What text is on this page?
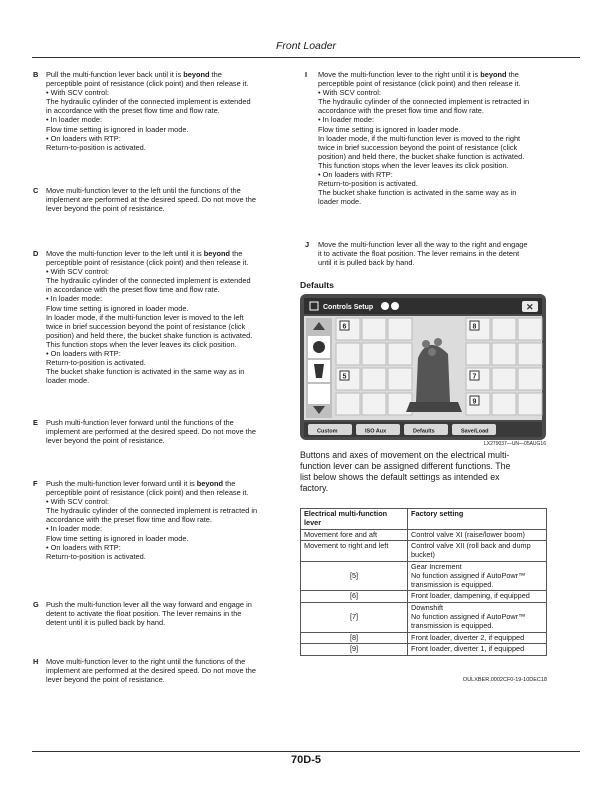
Front Loader
B Pull the multi-function lever back until it is beyond the
perceptible point of resistance (click point) and then release it.
• With SCV control:
The hydraulic cylinder of the connected implement is extended
in accordance with the preset flow time and flow rate.
• In loader mode:
Flow time setting is ignored in loader mode.
• On loaders with RTP:
Return-to-position is activated.
C Move multi-function lever to the left until the functions of the
implement are performed at the desired speed. Do not move the
lever beyond the point of resistance.
D Move the multi-function lever to the left until it is beyond the
perceptible point of resistance (click point) and then release it.
• With SCV control:
The hydraulic cylinder of the connected implement is extended
in accordance with the preset flow time and flow rate.
• In loader mode:
Flow time setting is ignored in loader mode.
In loader mode, if the multi-function lever is moved to the left
twice in brief succession beyond the point of resistance (click
position) and held there, the bucket shake function is activated.
This function stops when the lever leaves its click position.
• On loaders with RTP:
Return-to-position is activated.
The bucket shake function is activated in the same way as in
loader mode.
E Push multi-function lever forward until the functions of the
implement are performed at the desired speed. Do not move the
lever beyond the point of resistance.
F Push the multi-function lever forward until it is beyond the
perceptible point of resistance (click point) and then release it.
• With SCV control:
The hydraulic cylinder of the connected implement is retracted in
accordance with the preset flow time and flow rate.
• In loader mode:
Flow time setting is ignored in loader mode.
• On loaders with RTP:
Return-to-position is activated.
G Push the multi-function lever all the way forward and engage in
detent to activate the float position. The lever remains in the
detent until it is pulled back by hand.
H Move multi-function lever to the right until the functions of the
implement are performed at the desired speed. Do not move the
lever beyond the point of resistance.
I Move the multi-function lever to the right until it is beyond the
perceptible point of resistance (click point) and then release it.
• With SCV control:
The hydraulic cylinder of the connected implement is retracted in
accordance with the preset flow time and flow rate.
• In loader mode:
Flow time setting is ignored in loader mode.
In loader mode, if the multi-function lever is moved to the right
twice in brief succession beyond the point of resistance (click
position) and held there, the bucket shake function is activated.
This function stops when the lever leaves its click position.
• On loaders with RTP:
Return-to-position is activated.
The bucket shake function is activated in the same way as in
loader mode.
J Move the multi-function lever all the way to the right and engage
it to activate the float position. The lever remains in the detent
until it is pulled back by hand.
Defaults
Controls Setup	✕
6
5
8
7
9
Custom	ISO Aux	Defaults	Save/Load
LX279037—UN—05AUG16
Buttons and axes of movement on the electrical multi-
function lever can be assigned different functions. The
list below shows the default settings as intended ex
factory.
Electrical multi-function lever	Factory setting
Movement fore and aft	Control valve XI (raise/lower boom)

Movement to right and left	Control valve XII (roll back and dump
bucket)

[5]	Gear Increment
No function assigned if AutoPowr™
transmission is equipped.

[6]	Front loader, dampening, if equipped

[7]	Downshift
No function assigned if AutoPowr™
transmission is equipped.

[8]	Front loader, diverter 2, if equipped

[9]	Front loader, diverter 1, if equipped
OULXBER,0002CF0-19-10DEC18
70D-5
